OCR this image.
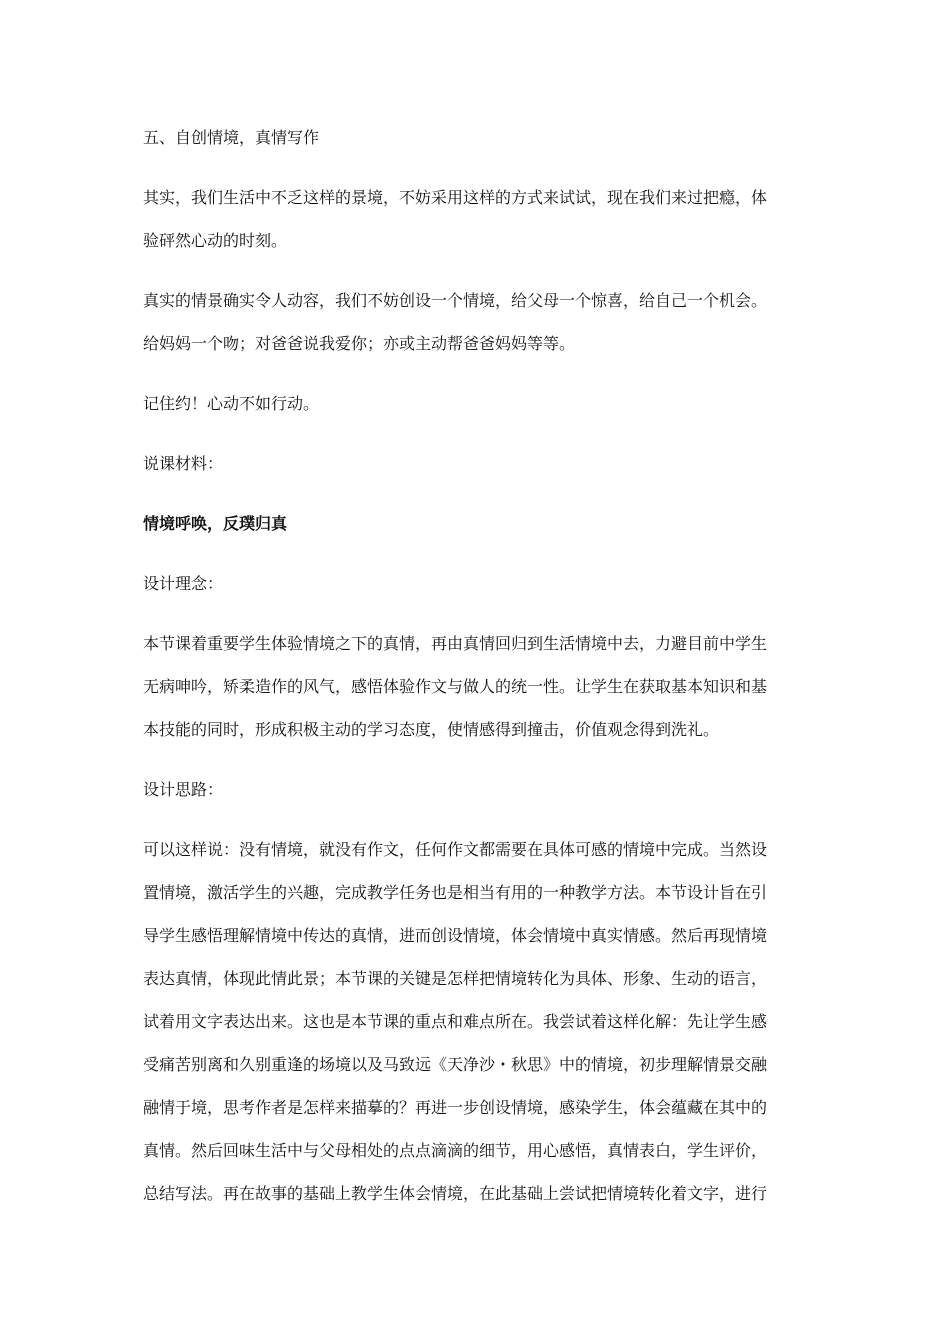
五、自创情境，真情写作
其实，我们生活中不乏这样的景境，不妨采用这样的方式来试试，现在我们来过把瘾，体
验砰然心动的时刻。
真实的情景确实令人动容，我们不妨创设一个情境，给父母一个惊喜，给自己一个机会。
给妈妈一个吻；对爸爸说我爱你；亦或主动帮爸爸妈妈等等。
记住约！心动不如行动。
说课材料：
情境呼唤，反璞归真
设计理念：
本节课着重要学生体验情境之下的真情，再由真情回归到生活情境中去，力避目前中学生
无病呻吟，矫柔造作的风气，感悟体验作文与做人的统一性。让学生在获取基本知识和基
本技能的同时，形成积极主动的学习态度，使情感得到撞击，价值观念得到洗礼。
设计思路：
可以这样说：没有情境，就没有作文，任何作文都需要在具体可感的情境中完成。当然设
置情境，激活学生的兴趣，完成教学任务也是相当有用的一种教学方法。本节设计旨在引
导学生感悟理解情境中传达的真情，进而创设情境，体会情境中真实情感。然后再现情境
表达真情，体现此情此景；本节课的关键是怎样把情境转化为具体、形象、生动的语言，
试着用文字表达出来。这也是本节课的重点和难点所在。我尝试着这样化解：先让学生感
受痛苦别离和久别重逢的场境以及马致远《天净沙・秋思》中的情境，初步理解情景交融
融情于境，思考作者是怎样来描摹的？再进一步创设情境，感染学生，体会蕴藏在其中的
真情。然后回味生活中与父母相处的点点滴滴的细节，用心感悟，真情表白，学生评价，
总结写法。再在故事的基础上教学生体会情境，在此基础上尝试把情境转化着文字，进行
